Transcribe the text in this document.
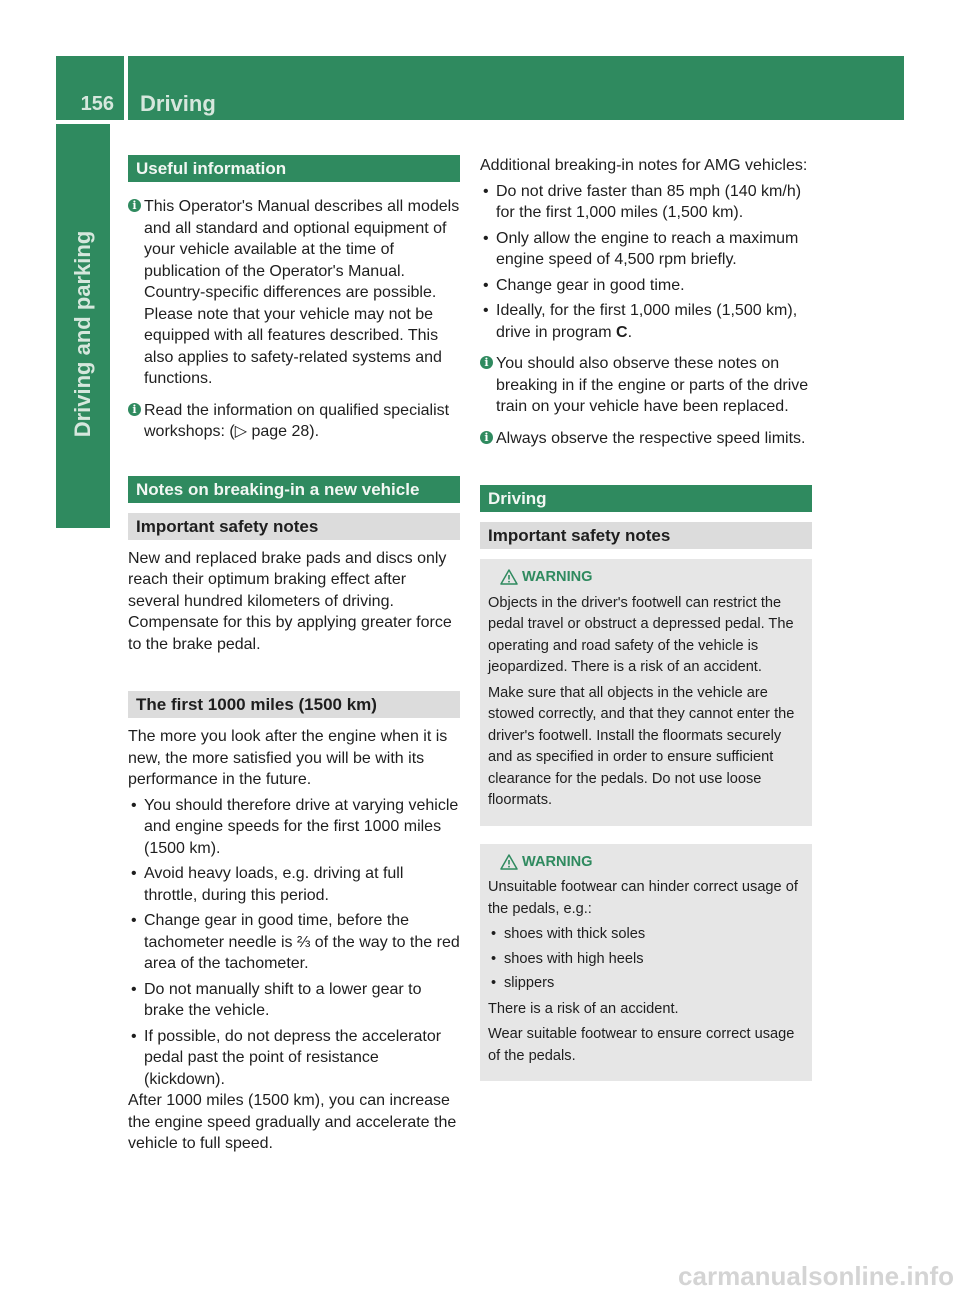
156 Driving
Driving and parking
Useful information
i This Operator's Manual describes all models and all standard and optional equipment of your vehicle available at the time of publication of the Operator's Manual. Country-specific differences are possible. Please note that your vehicle may not be equipped with all features described. This also applies to safety-related systems and functions.
i Read the information on qualified specialist workshops: (▷ page 28).
Notes on breaking-in a new vehicle
Important safety notes

New and replaced brake pads and discs only reach their optimum braking effect after several hundred kilometers of driving. Compensate for this by applying greater force to the brake pedal.

The first 1000 miles (1500 km)

The more you look after the engine when it is new, the more satisfied you will be with its performance in the future.

• You should therefore drive at varying vehicle and engine speeds for the first 1000 miles (1500 km).
• Avoid heavy loads, e.g. driving at full throttle, during this period.
• Change gear in good time, before the tachometer needle is ⅔ of the way to the red area of the tachometer.
• Do not manually shift to a lower gear to brake the vehicle.
• If possible, do not depress the accelerator pedal past the point of resistance (kickdown).

After 1000 miles (1500 km), you can increase the engine speed gradually and accelerate the vehicle to full speed.

Additional breaking-in notes for AMG vehicles:

• Do not drive faster than 85 mph (140 km/h) for the first 1,000 miles (1,500 km).
• Only allow the engine to reach a maximum engine speed of 4,500 rpm briefly.
• Change gear in good time.
• Ideally, for the first 1,000 miles (1,500 km), drive in program C.
i You should also observe these notes on breaking in if the engine or parts of the drive train on your vehicle have been replaced.
i Always observe the respective speed limits.
Driving
Important safety notes
WARNING

Objects in the driver's footwell can restrict the pedal travel or obstruct a depressed pedal. The operating and road safety of the vehicle is jeopardized. There is a risk of an accident.

Make sure that all objects in the vehicle are stowed correctly, and that they cannot enter the driver's footwell. Install the floormats securely and as specified in order to ensure sufficient clearance for the pedals. Do not use loose floormats.

WARNING

Unsuitable footwear can hinder correct usage of the pedals, e.g.:

• shoes with thick soles
• shoes with high heels
• slippers

There is a risk of an accident.

Wear suitable footwear to ensure correct usage of the pedals.

carmanualsonline.info
